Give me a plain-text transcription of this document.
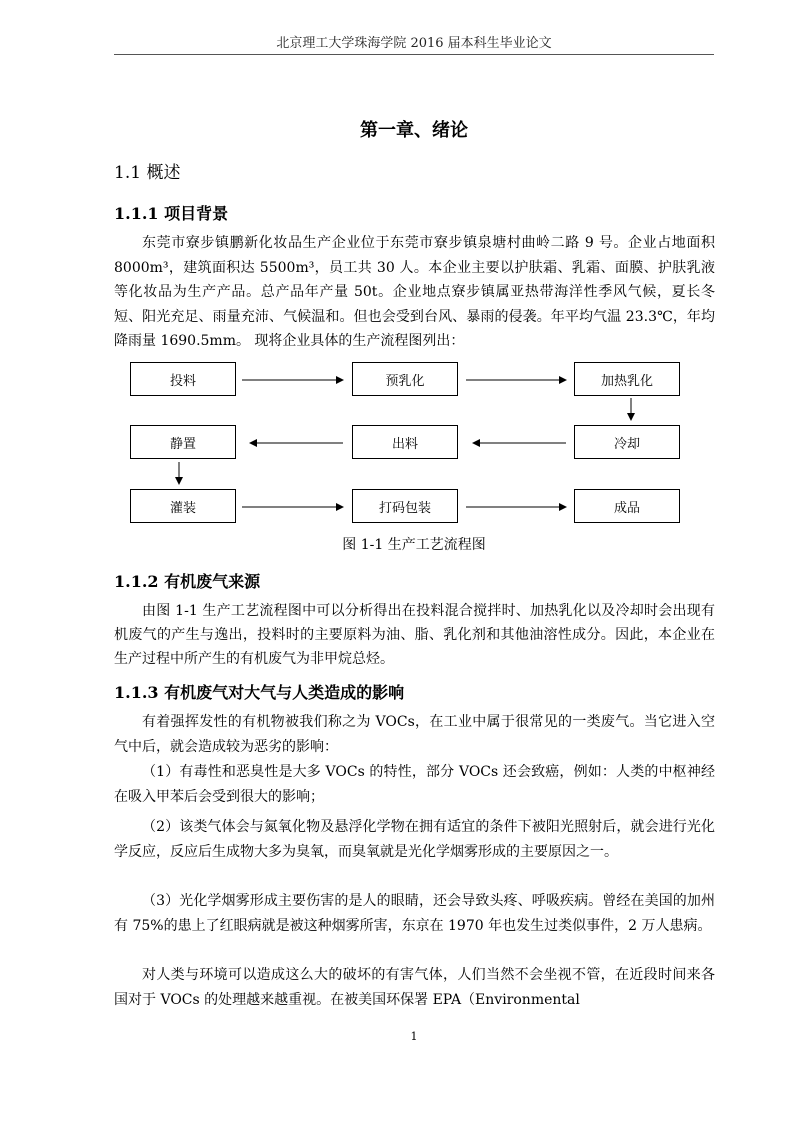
北京理工大学珠海学院 2016 届本科生毕业论文
第一章、绪论
1.1 概述
1.1.1 项目背景

东莞市寮步镇鹏新化妆品生产企业位于东莞市寮步镇泉塘村曲岭二路 9 号。企业占地面积 8000m³，建筑面积达 5500m³，员工共 30 人。本企业主要以护肤霜、乳霜、面膜、护肤乳液等化妆品为生产产品。总产品年产量 50t。企业地点寮步镇属亚热带海洋性季风气候，夏长冬短、阳光充足、雨量充沛、气候温和。但也会受到台风、暴雨的侵袭。年平均气温 23.3℃，年均降雨量 1690.5mm。 现将企业具体的生产流程图列出：

投料	预乳化	加热乳化
冷却
出料
静置
灌装	打码包装	成品
图 1-1 生产工艺流程图
1.1.2 有机废气来源

由图 1-1 生产工艺流程图中可以分析得出在投料混合搅拌时、加热乳化以及冷却时会出现有机废气的产生与逸出，投料时的主要原料为油、脂、乳化剂和其他油溶性成分。因此，本企业在生产过程中所产生的有机废气为非甲烷总烃。

1.1.3 有机废气对大气与人类造成的影响

有着强挥发性的有机物被我们称之为 VOCs，在工业中属于很常见的一类废气。当它进入空气中后，就会造成较为恶劣的影响：

（1）有毒性和恶臭性是大多 VOCs 的特性，部分 VOCs 还会致癌，例如：人类的中枢神经在吸入甲苯后会受到很大的影响；

（2）该类气体会与氮氧化物及悬浮化学物在拥有适宜的条件下被阳光照射后，就会进行光化学反应，反应后生成物大多为臭氧，而臭氧就是光化学烟雾形成的主要原因之一。

（3）光化学烟雾形成主要伤害的是人的眼睛，还会导致头疼、呼吸疾病。曾经在美国的加州有 75%的患上了红眼病就是被这种烟雾所害，东京在 1970 年也发生过类似事件，2 万人患病。

对人类与环境可以造成这么大的破坏的有害气体，人们当然不会坐视不管，在近段时间来各国对于 VOCs 的处理越来越重视。在被美国环保署 EPA（Environmental

1
